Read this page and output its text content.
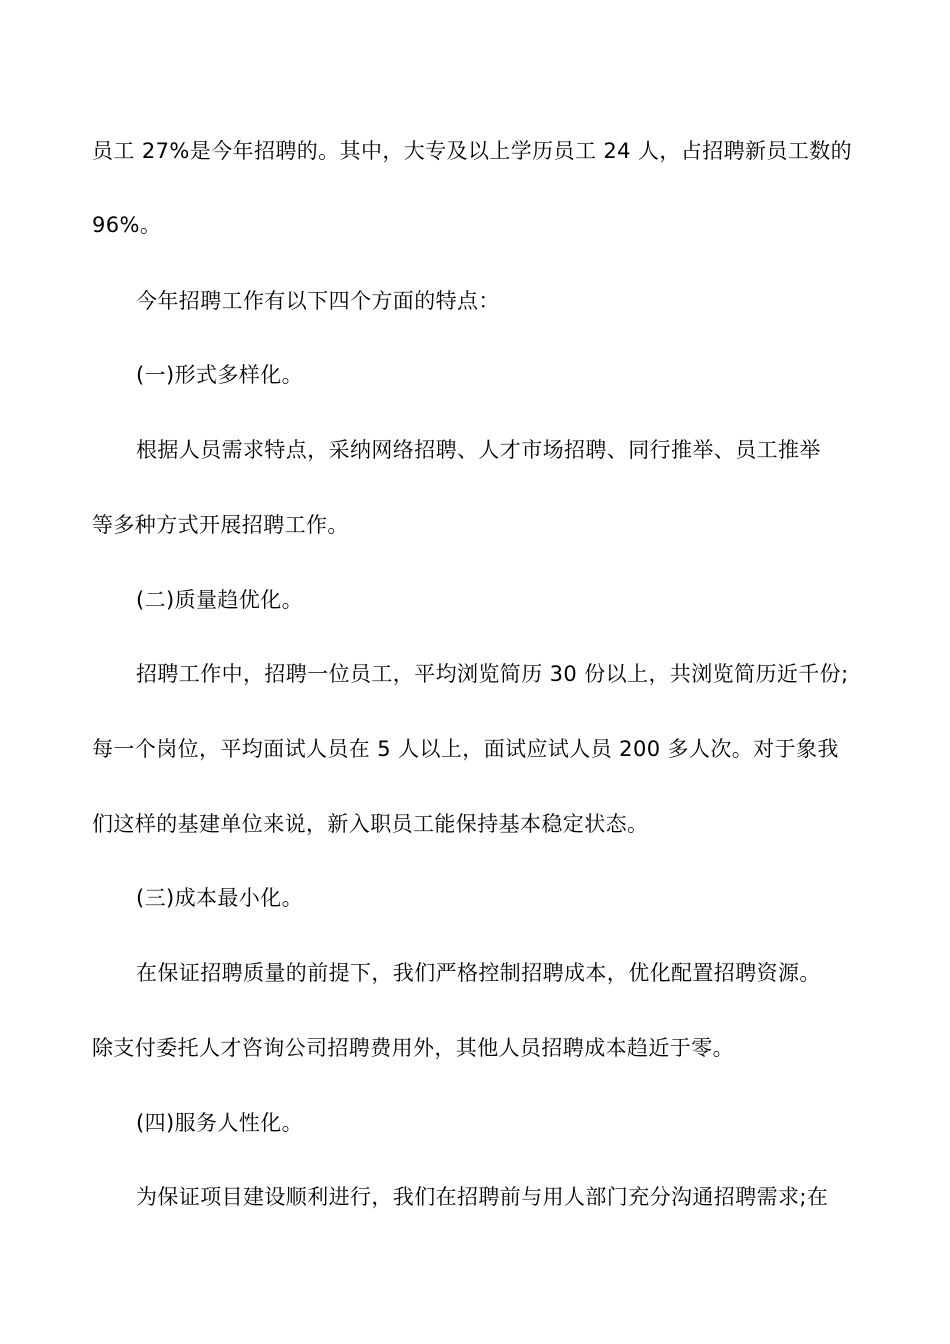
员工 27%是今年招聘的。其中，大专及以上学历员工 24 人，占招聘新员工数的
96%。
今年招聘工作有以下四个方面的特点：
(一)形式多样化。
根据人员需求特点，采纳网络招聘、人才市场招聘、同行推举、员工推举
等多种方式开展招聘工作。
(二)质量趋优化。
招聘工作中，招聘一位员工，平均浏览简历 30 份以上，共浏览简历近千份;
每一个岗位，平均面试人员在 5 人以上，面试应试人员 200 多人次。对于象我
们这样的基建单位来说，新入职员工能保持基本稳定状态。
(三)成本最小化。
在保证招聘质量的前提下，我们严格控制招聘成本，优化配置招聘资源。
除支付委托人才咨询公司招聘费用外，其他人员招聘成本趋近于零。
(四)服务人性化。
为保证项目建设顺利进行，我们在招聘前与用人部门充分沟通招聘需求;在
